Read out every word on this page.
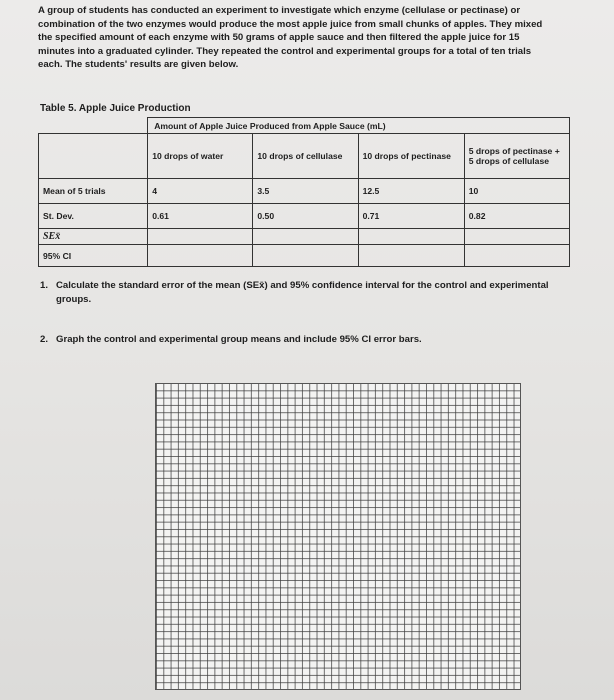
A group of students has conducted an experiment to investigate which enzyme (cellulase or pectinase) or
combination of the two enzymes would produce the most apple juice from small chunks of apples. They mixed
the specified amount of each enzyme with 50 grams of apple sauce and then filtered the apple juice for 15
minutes into a graduated cylinder. They repeated the control and experimental groups for a total of ten trials
each. The students' results are given below.
Table 5. Apple Juice Production
	Amount of Apple Juice Produced from Apple Sauce (mL)			
	10 drops of water	10 drops of cellulase	10 drops of pectinase	5 drops of pectinase + 5 drops of cellulase
Mean of 5 trials	4	3.5	12.5	10
St. Dev.	0.61	0.50	0.71	0.82
SEx̄				
95% CI				
1. Calculate the standard error of the mean (SEx̄) and 95% confidence interval for the control and experimental groups.
2. Graph the control and experimental group means and include 95% CI error bars.
